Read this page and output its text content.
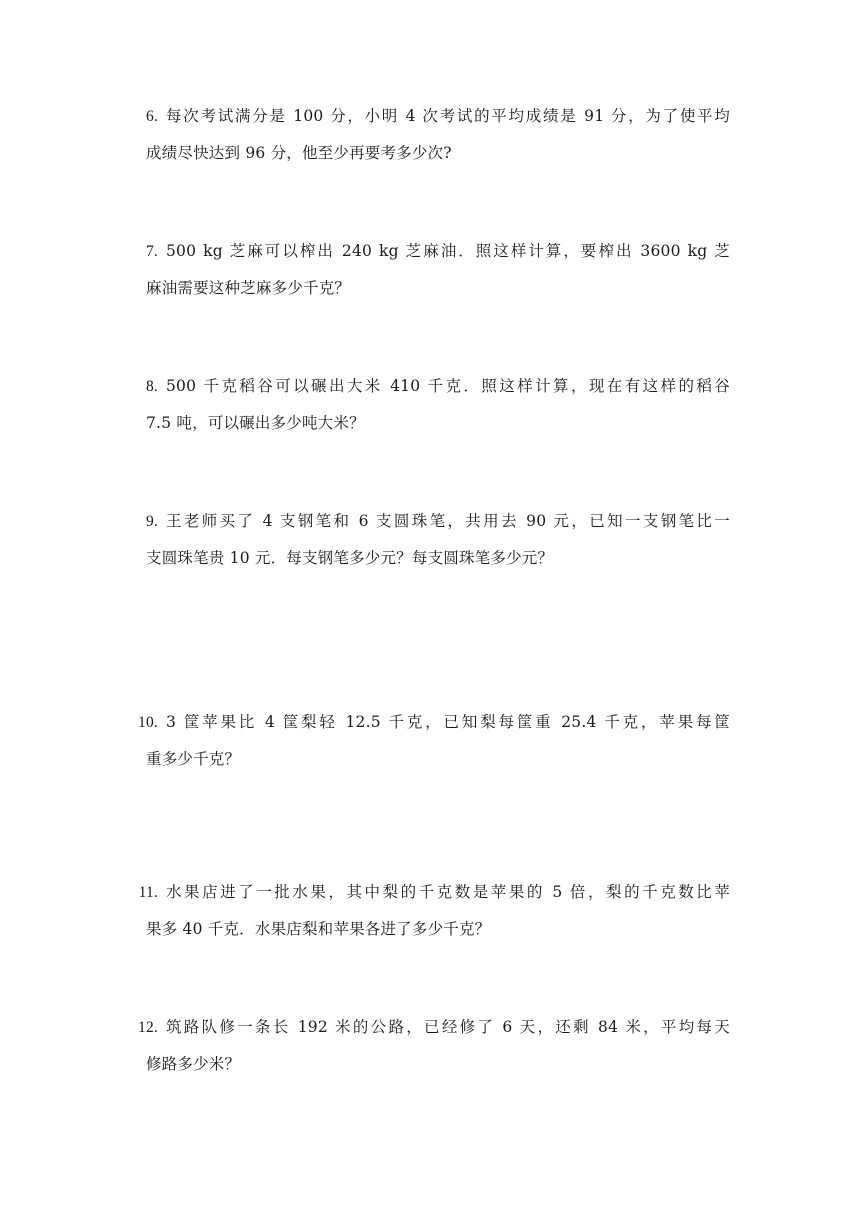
6. 每次考试满分是 100 分，小明 4 次考试的平均成绩是 91 分，为了使平均
成绩尽快达到 96 分，他至少再要考多少次?
7. 500 kg 芝麻可以榨出 240 kg 芝麻油．照这样计算，要榨出 3600 kg 芝
麻油需要这种芝麻多少千克？
8. 500 千克稻谷可以碾出大米 410 千克．照这样计算，现在有这样的稻谷
7.5 吨，可以碾出多少吨大米？
9. 王老师买了 4 支钢笔和 6 支圆珠笔，共用去 90 元，已知一支钢笔比一
支圆珠笔贵 10 元．每支钢笔多少元？每支圆珠笔多少元？
10. 3 筐苹果比 4 筐梨轻 12.5 千克，已知梨每筐重 25.4 千克，苹果每筐
重多少千克？
11. 水果店进了一批水果，其中梨的千克数是苹果的 5 倍，梨的千克数比苹
果多 40 千克．水果店梨和苹果各进了多少千克？
12. 筑路队修一条长 192 米的公路，已经修了 6 天，还剩 84 米，平均每天
修路多少米？
